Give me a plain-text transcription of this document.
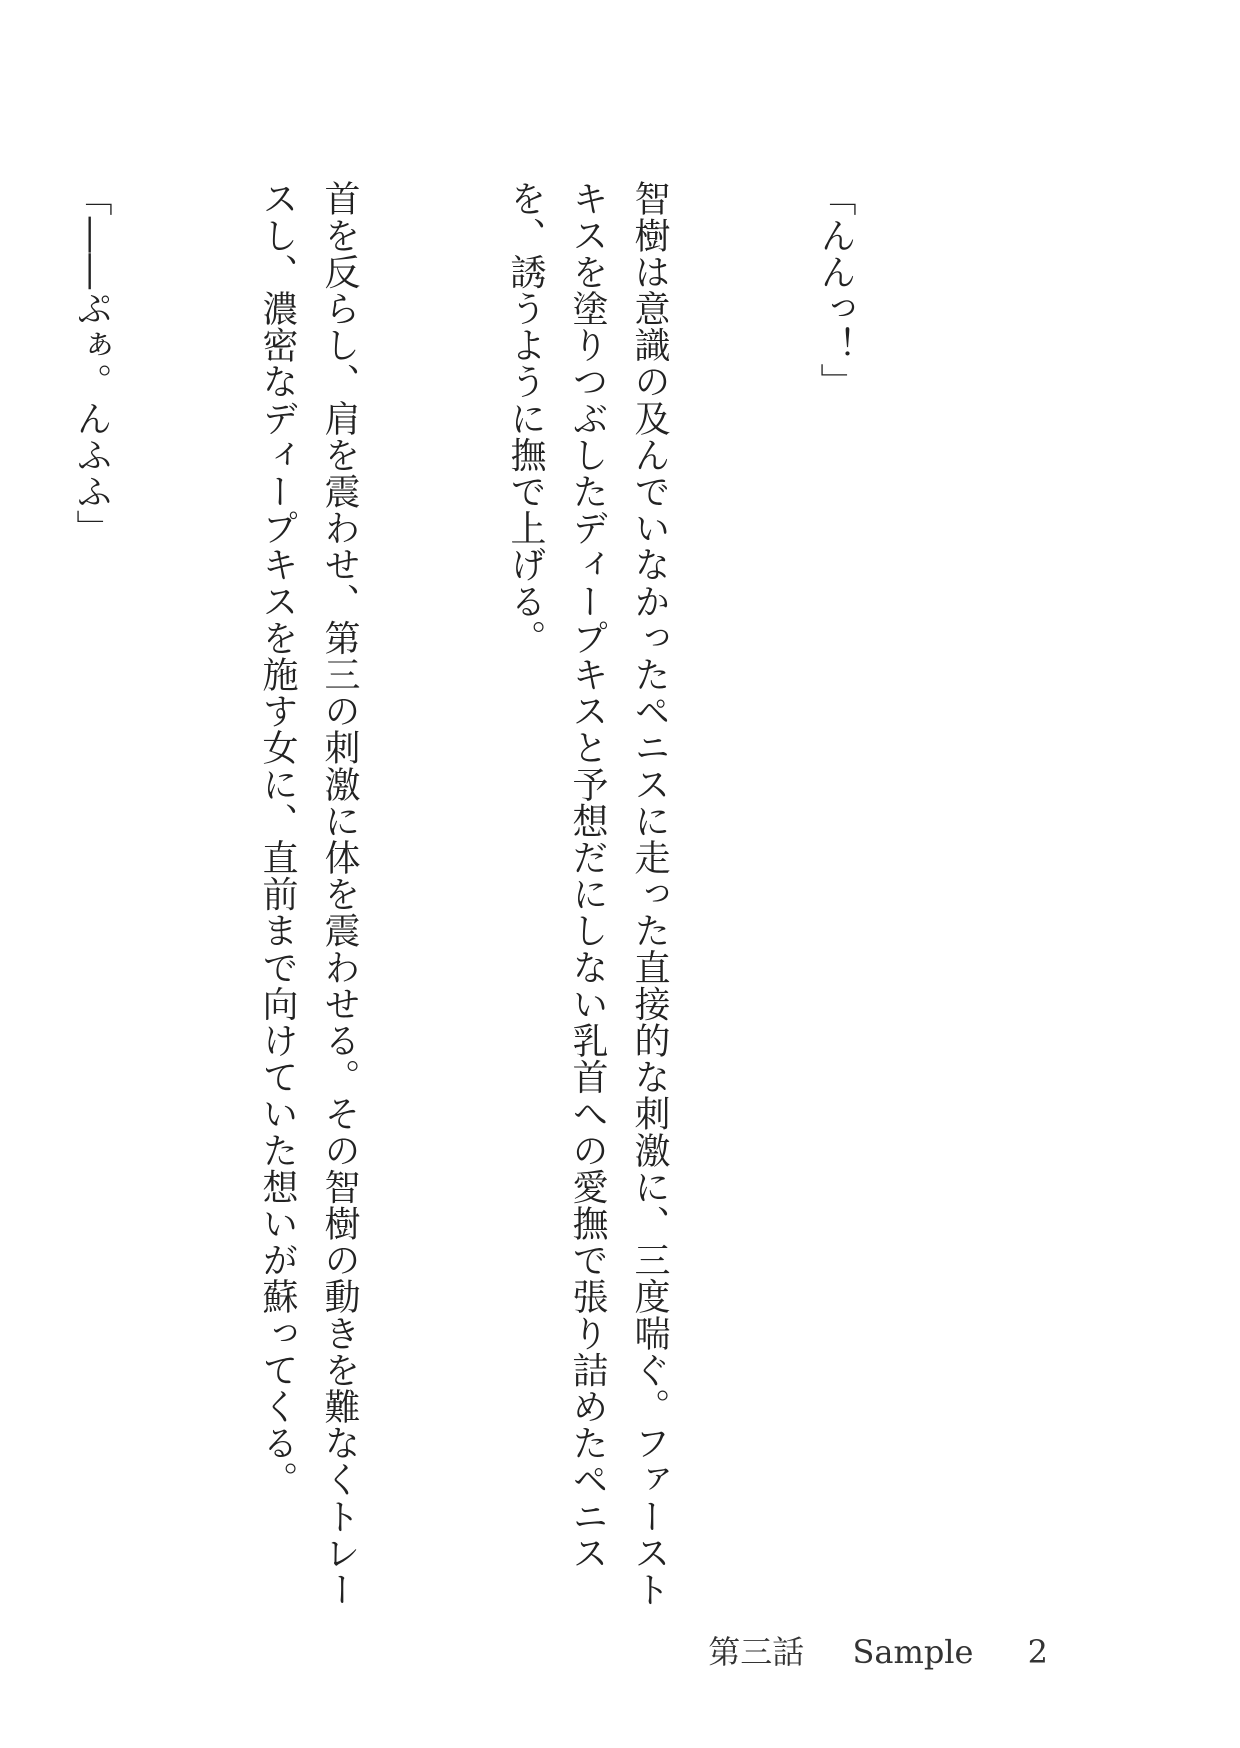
「んんっ！」

智樹は意識の及んでいなかったペニスに走った直接的な刺激に、三度喘ぐ。ファーストキスを塗りつぶしたディープキスと予想だにしない乳首への愛撫で張り詰めたペニスを、誘うように撫で上げる。

首を反らし、肩を震わせ、第三の刺激に体を震わせる。その智樹の動きを難なくトレースし、濃密なディープキスを施す女に、直前まで向けていた想いが蘇ってくる。

「――ぷぁ。んふふ」

第三話 Sample 2
